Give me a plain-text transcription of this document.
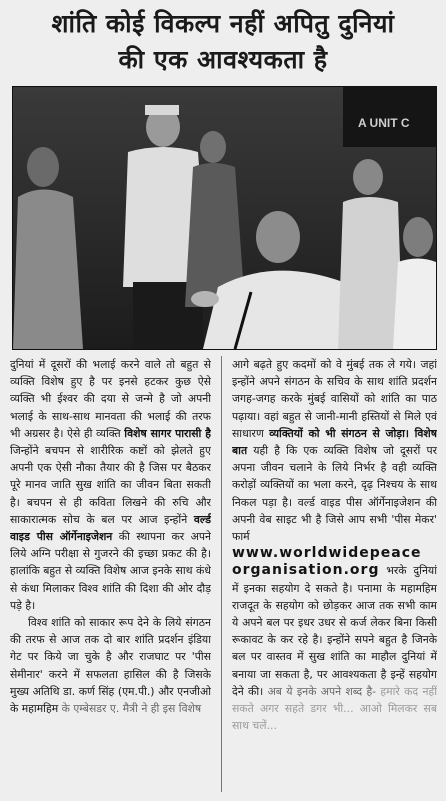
शांति कोई विकल्प नहीं अपितु दुनियां
की एक आवश्यकता है
A UNIT C

दुनियां में दूसरों की भलाई करने वाले तो बहुत से व्यक्ति विशेष हुए है पर इनसे हटकर कुछ ऐसे व्यक्ति भी ईश्वर की दया से जन्मे है जो अपनी भलाई के साथ-साथ मानवता की भलाई की तरफ भी अग्रसर है। ऐसे ही व्यक्ति विशेष सागर पारासी है जिन्होंने बचपन से शारीरिक कष्टों को झेलते हुए अपनी एक ऐसी नौका तैयार की है जिस पर बैठकर पूरे मानव जाति सुख शांति का जीवन बिता सकती है। बचपन से ही कविता लिखने की रुचि और साकारात्मक सोच के बल पर आज इन्होंने वर्ल्ड वाइड पीस ऑर्गेनाइजेशन की स्थापना कर अपने लिये अग्नि परीक्षा से गुजरने की इच्छा प्रकट की है। हालांकि बहुत से व्यक्ति विशेष आज इनके साथ कंधे से कंधा मिलाकर विश्व शांति की दिशा की ओर दौड़ पड़े है।

विश्व शांति को साकार रूप देने के लिये संगठन की तरफ से आज तक दो बार शांति प्रदर्शन इंडिया गेट पर किये जा चुके है और राजघाट पर 'पीस सेमीनार' करने में सफलता हासिल की है जिसके मुख्य अतिथि डा. कर्ण सिंह (एम.पी.) और एनजीओ के महामहिम के एम्बेसडर ए. मैत्री ने ही इस विशेष

आगे बढ़ते हुए कदमों को वे मुंबई तक ले गये। जहां इन्होंने अपने संगठन के सचिव के साथ शांति प्रदर्शन जगह-जगह करके मुंबई वासियों को शांति का पाठ पढ़ाया। वहां बहुत से जानी-मानी हस्तियों से मिले एवं साधारण व्यक्तियों को भी संगठन से जोड़ा। विशेष बात यही है कि एक व्यक्ति विशेष जो दूसरों पर अपना जीवन चलाने के लिये निर्भर है वही व्यक्ति करोड़ों व्यक्तियों का भला करने, दृढ़ निश्चय के साथ निकल पड़ा है। वर्ल्ड वाइड पीस ऑर्गेनाइजेशन की अपनी वेब साइट भी है जिसे आप सभी 'पीस मेकर' फार्म
www.worldwidepeace
organisation.org भरके दुनियां में इनका सहयोग दे सकते है। पनामा के महामहिम राजदूत के सहयोग को छोड़कर आज तक सभी काम ये अपने बल पर इधर उधर से कर्ज लेकर बिना किसी रूकावट के कर रहे है। इन्होंने सपने बहुत है जिनके बल पर वास्तव में सुख शांति का माहौल दुनियां में बनाया जा सकता है, पर आवश्यकता है इन्हें सहयोग देने की। अब ये इनके अपने शब्द है- हमारे कद नहीं सकते अगर सहते डगर भी... आओ मिलकर सब साथ चलें...
